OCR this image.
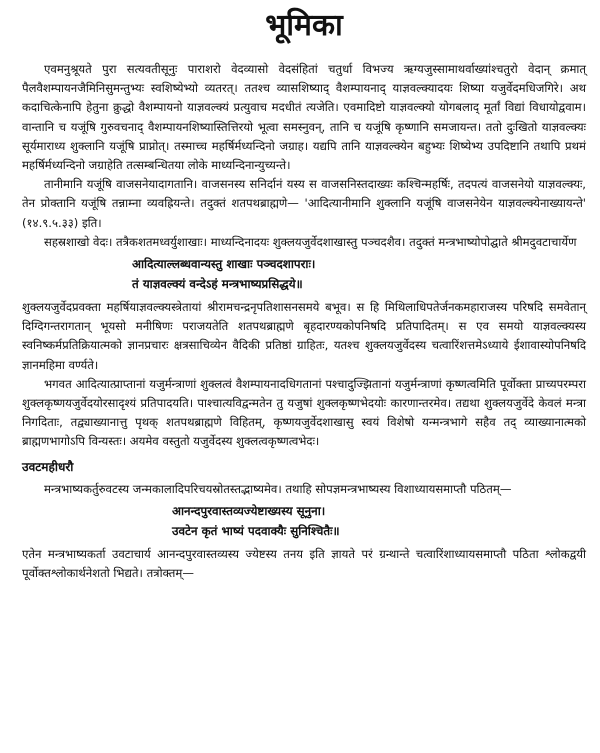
भूमिका

एवमनुश्रूयते पुरा सत्यवतीसूनुः पाराशरो वेदव्यासो वेदसंहितां चतुर्धा विभज्य ऋग्यजुस्सामाथर्वाख्यांश्चतुरो वेदान् क्रमात् पैलवैशम्पायनजैमिनिसुमन्तुभ्यः स्वशिष्येभ्यो व्यतरत्। ततश्च व्यासशिष्याद् वैशम्पायनाद् याज्ञवल्क्यादयः शिष्या यजुर्वेदमधिजगिरे। अथ कदाचित्केनापि हेतुना क्रुद्धो वैशम्पायनो याज्ञवल्क्यं प्रत्युवाच मदधीतं त्यजेति। एवमादिष्टो याज्ञवल्क्यो योगबलाद् मूर्तां विद्यां विधायोद्ववाम। वान्तानि च यजूंषि गुरुवचनाद् वैशम्पायनशिष्यास्तित्तिरयो भूत्वा समस्नुवन्, तानि च यजूंषि कृष्णानि समजायन्त। ततो दुःखितो याज्ञवल्क्यः सूर्यमाराध्य शुक्लानि यजूंषि प्राप्नोत्। तस्माच्च महर्षिर्मध्यन्दिनो जग्राह। यद्यपि तानि याज्ञवल्क्येन बहुभ्यः शिष्येभ्य उपदिष्टानि तथापि प्रथमं महर्षिर्मध्यन्दिनो जग्राहेति तत्सम्बन्धितया लोके माध्यन्दिनान्युच्यन्ते।

तानीमानि यजूंषि वाजसनेयादागतानि। वाजसनस्य सनिर्दानं यस्य स वाजसनिस्तदाख्यः कश्चिन्महर्षिः, तदपत्यं वाजसनेयो याज्ञवल्क्यः, तेन प्रोक्तानि यजूंषि तन्नाम्ना व्यवह्रियन्ते। तदुक्तं शतपथब्राह्मणे— 'आदित्यानीमानि शुक्लानि यजूंषि वाजसनेयेन याज्ञवल्क्येनाख्यायन्ते' (१४.९.५.३३) इति।

सहस्रशाखो वेदः। तत्रैकशतमध्वर्युशाखाः। माध्यन्दिनादयः शुक्लयजुर्वेदशाखास्तु पञ्चदशैव। तदुक्तं मन्त्रभाष्योपोद्घाते श्रीमदुवटाचार्येण

आदित्याल्लब्धवान्यस्तु शाखाः पञ्चदशापराः।
तं याज्ञवल्क्यं वन्देऽहं मन्त्रभाष्यप्रसिद्धये॥

शुक्लयजुर्वेदप्रवक्ता महर्षियाज्ञवल्क्यस्त्रेतायां श्रीरामचन्द्रनृपतिशासनसमये बभूव। स हि मिथिलाधिपतेर्जनकमहाराजस्य परिषदि समवेतान् दिग्दिगन्तरागतान् भूयसो मनीषिणः पराजयतेति शतपथब्राह्मणे बृहदारण्यकोपनिषदि प्रतिपादितम्। स एव समयो याज्ञवल्क्यस्य स्वनिष्कर्मप्रतिक्रियात्मको ज्ञानप्रचारः क्षत्रसाचिव्येन वैदिकी प्रतिष्ठां ग्राहितः, यतश्च शुक्लयजुर्वेदस्य चत्वारिंशत्तमेऽध्याये ईशावास्योपनिषदि ज्ञानमहिमा वर्ण्यते।

भगवत आदित्यात्प्राप्तानां यजुर्मन्त्राणां शुक्लत्वं वैशम्पायनादधिगतानां पश्चादुज्झितानां यजुर्मन्त्राणां कृष्णत्वमिति पूर्वोक्ता प्राच्यपरम्परा शुक्लकृष्णयजुर्वेदयोरसादृश्यं प्रतिपादयति। पाश्चात्यविद्वन्मतेन तु यजुषां शुक्लकृष्णभेदयोः कारणान्तरमेव। तद्यथा शुक्लयजुर्वेदे केवलं मन्त्रा निगदिताः, तद्व्याख्यानात्तु पृथक् शतपथब्राह्मणे विहितम्, कृष्णयजुर्वेदशाखासु स्वयं विशेषो यन्मन्त्रभागे सहैव तद् व्याख्यानात्मको ब्राह्मणभागोऽपि विन्यस्तः। अयमेव वस्तुतो यजुर्वेदस्य शुक्लत्वकृष्णत्वभेदः।

उवटमहीधरौ

मन्त्रभाष्यकर्तुरुवटस्य जन्मकालादिपरिचयस्रोतस्तद्भाष्यमेव। तथाहि सोपज्ञमन्त्रभाष्यस्य विशाध्यायसमाप्तौ पठितम्—

आनन्दपुरवास्तव्यज्येष्टाख्यस्य सूनुना।
उवटेन कृतं भाष्यं पदवाक्यैः सुनिश्चितैः॥

एतेन मन्त्रभाष्यकर्ता उवटाचार्य आनन्दपुरवास्तव्यस्य ज्येष्टस्य तनय इति ज्ञायते परं ग्रन्थान्ते चत्वारिंशाध्यायसमाप्तौ पठिता श्लोकद्वयी पूर्वोक्तश्लोकार्थनेशतो भिद्यते। तत्रोक्तम्—
